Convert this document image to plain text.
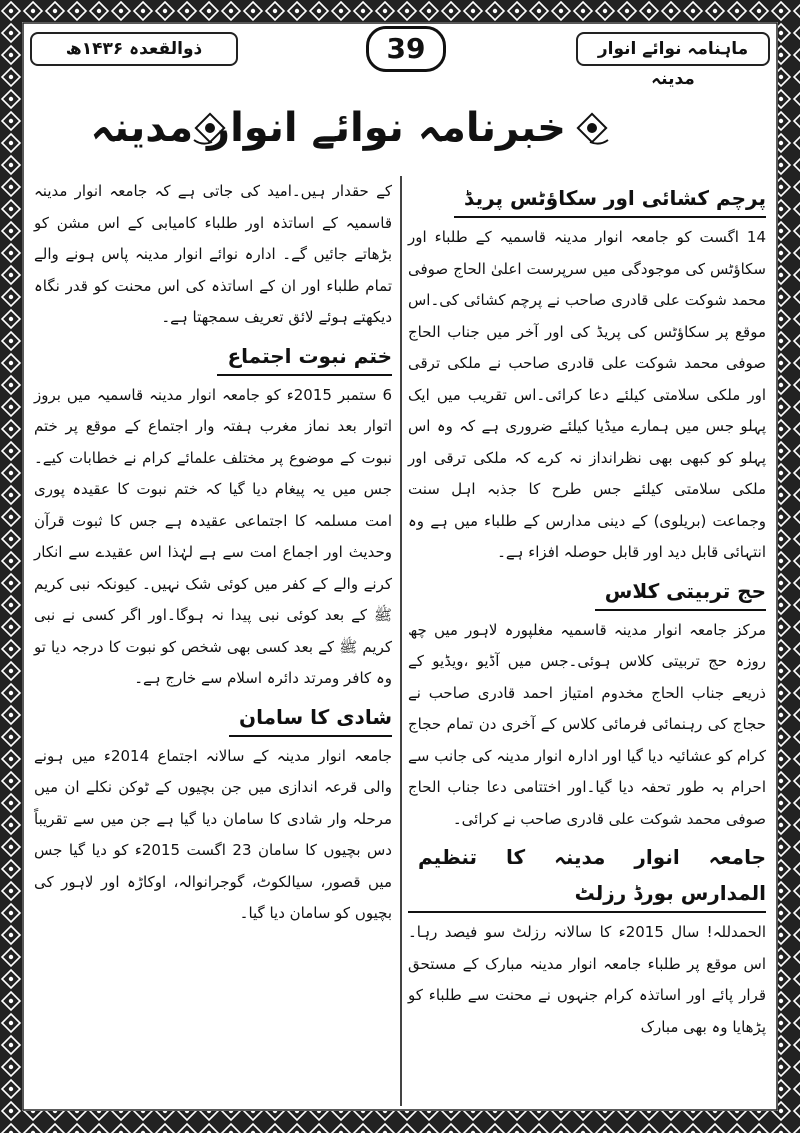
ذوالقعدہ ۱۴۳۶ھ	39	ماہنامہ نوائے انوار مدینہ
خبرنامہ نوائے انوار مدینہ
پرچم کشائی اور سکاؤٹس پریڈ

14 اگست کو جامعہ انوار مدینہ قاسمیہ کے طلباء اور سکاؤٹس کی موجودگی میں سرپرست اعلیٰ الحاج صوفی محمد شوکت علی قادری صاحب نے پرچم کشائی کی۔اس موقع پر سکاؤٹس کی پریڈ کی اور آخر میں جناب الحاج صوفی محمد شوکت علی قادری صاحب نے ملکی ترقی اور ملکی سلامتی کیلئے دعا کرائی۔اس تقریب میں ایک پہلو جس میں ہمارے میڈیا کیلئے ضروری ہے کہ وہ اس پہلو کو کبھی بھی نظرانداز نہ کرے کہ ملکی ترقی اور ملکی سلامتی کیلئے جس طرح کا جذبہ اہل سنت وجماعت (بریلوی) کے دینی مدارس کے طلباء میں ہے وہ انتہائی قابل دید اور قابل حوصلہ افزاء ہے۔

حج تربیتی کلاس

مرکز جامعہ انوار مدینہ قاسمیہ مغلپورہ لاہور میں چھ روزہ حج تربیتی کلاس ہوئی۔جس میں آڈیو ،ویڈیو کے ذریعے جناب الحاج مخدوم امتیاز احمد قادری صاحب نے حجاج کی رہنمائی فرمائی کلاس کے آخری دن تمام حجاج کرام کو عشائیہ دیا گیا اور ادارہ انوار مدینہ کی جانب سے احرام بہ طور تحفہ دیا گیا۔اور اختتامی دعا جناب الحاج صوفی محمد شوکت علی قادری صاحب نے کرائی۔

جامعہ انوار مدینہ کا تنظیم المدارس بورڈ رزلٹ

الحمدللہ! سال 2015ء کا سالانہ رزلٹ سو فیصد رہا۔اس موقع پر طلباء جامعہ انوار مدینہ مبارک کے مستحق قرار پائے اور اساتذہ کرام جنہوں نے محنت سے طلباء کو پڑھایا وہ بھی مبارک

کے حقدار ہیں۔امید کی جاتی ہے کہ جامعہ انوار مدینہ قاسمیہ کے اساتذہ اور طلباء کامیابی کے اس مشن کو بڑھاتے جائیں گے۔ ادارہ نوائے انوار مدینہ پاس ہونے والے تمام طلباء اور ان کے اساتذہ کی اس محنت کو قدر نگاہ دیکھتے ہوئے لائق تعریف سمجھتا ہے۔

ختم نبوت اجتماع

6 ستمبر 2015ء کو جامعہ انوار مدینہ قاسمیہ میں بروز اتوار بعد نماز مغرب ہفتہ وار اجتماع کے موقع پر ختم نبوت کے موضوع پر مختلف علمائے کرام نے خطابات کیے۔جس میں یہ پیغام دیا گیا کہ ختم نبوت کا عقیدہ پوری امت مسلمہ کا اجتماعی عقیدہ ہے جس کا ثبوت قرآن وحدیث اور اجماع امت سے ہے لہٰذا اس عقیدے سے انکار کرنے والے کے کفر میں کوئی شک نہیں۔ کیونکہ نبی کریم ﷺ کے بعد کوئی نبی پیدا نہ ہوگا۔اور اگر کسی نے نبی کریم ﷺ کے بعد کسی بھی شخص کو نبوت کا درجہ دیا تو وہ کافر ومرتد دائرہ اسلام سے خارج ہے۔

شادی کا سامان

جامعہ انوار مدینہ کے سالانہ اجتماع 2014ء میں ہونے والی قرعہ اندازی میں جن بچیوں کے ٹوکن نکلے ان میں مرحلہ وار شادی کا سامان دیا گیا ہے جن میں سے تقریباً دس بچیوں کا سامان 23 اگست 2015ء کو دیا گیا جس میں قصور، سیالکوٹ، گوجرانوالہ، اوکاڑہ اور لاہور کی بچیوں کو سامان دیا گیا۔
